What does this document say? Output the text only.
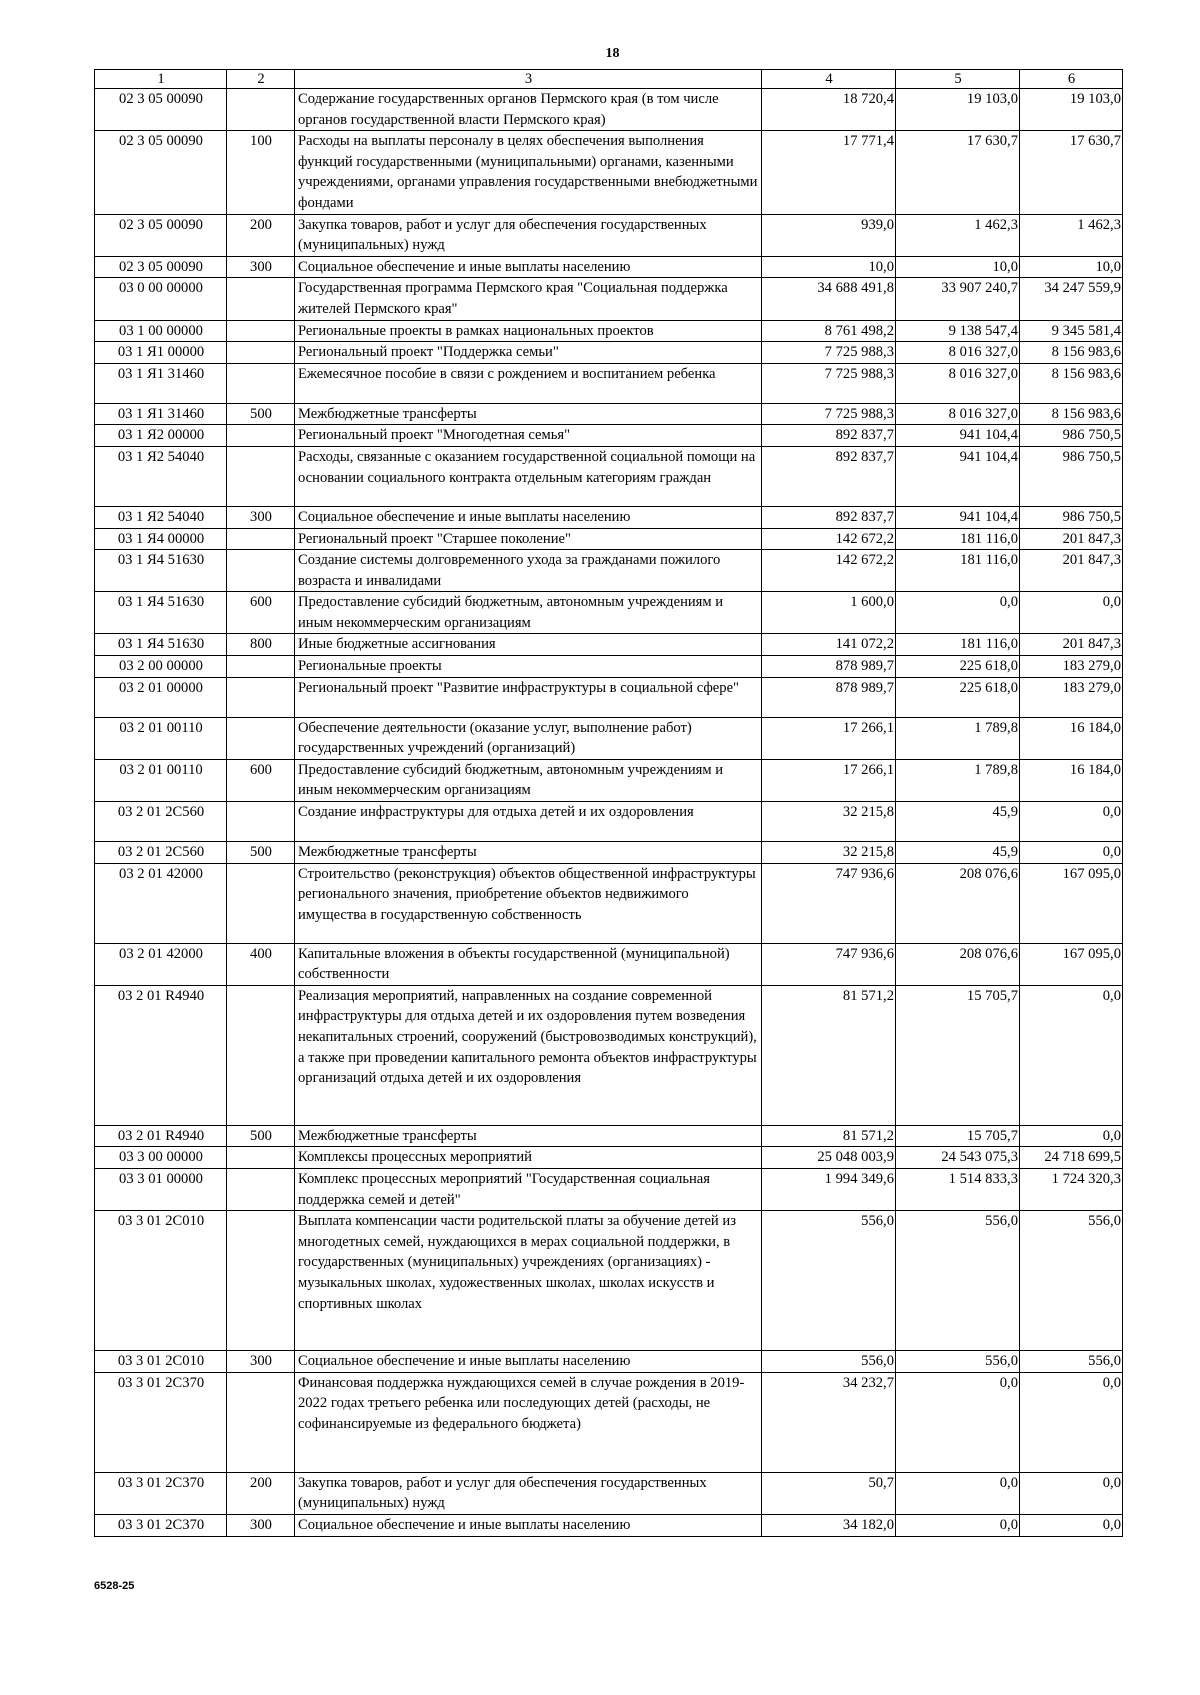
18
1	2	3	4	5	6
02 3 05 00090		Содержание государственных органов Пермского края (в том числе органов государственной власти Пермского края)	18 720,4	19 103,0	19 103,0
02 3 05 00090	100	Расходы на выплаты персоналу в целях обеспечения выполнения функций государственными (муниципальными) органами, казенными учреждениями, органами управления государственными внебюджетными фондами	17 771,4	17 630,7	17 630,7
02 3 05 00090	200	Закупка товаров, работ и услуг для обеспечения государственных (муниципальных) нужд	939,0	1 462,3	1 462,3
02 3 05 00090	300	Социальное обеспечение и иные выплаты населению	10,0	10,0	10,0
03 0 00 00000		Государственная программа Пермского края "Социальная поддержка жителей Пермского края"	34 688 491,8	33 907 240,7	34 247 559,9
03 1 00 00000		Региональные проекты в рамках национальных проектов	8 761 498,2	9 138 547,4	9 345 581,4
03 1 Я1 00000		Региональный проект "Поддержка семьи"	7 725 988,3	8 016 327,0	8 156 983,6
03 1 Я1 31460		Ежемесячное пособие в связи с рождением и воспитанием ребенка	7 725 988,3	8 016 327,0	8 156 983,6
03 1 Я1 31460	500	Межбюджетные трансферты	7 725 988,3	8 016 327,0	8 156 983,6
03 1 Я2 00000		Региональный проект "Многодетная семья"	892 837,7	941 104,4	986 750,5
03 1 Я2 54040		Расходы, связанные с оказанием государственной социальной помощи на основании социального контракта отдельным категориям граждан	892 837,7	941 104,4	986 750,5
03 1 Я2 54040	300	Социальное обеспечение и иные выплаты населению	892 837,7	941 104,4	986 750,5
03 1 Я4 00000		Региональный проект "Старшее поколение"	142 672,2	181 116,0	201 847,3
03 1 Я4 51630		Создание системы долговременного ухода за гражданами пожилого возраста и инвалидами	142 672,2	181 116,0	201 847,3
03 1 Я4 51630	600	Предоставление субсидий бюджетным, автономным учреждениям и иным некоммерческим организациям	1 600,0	0,0	0,0
03 1 Я4 51630	800	Иные бюджетные ассигнования	141 072,2	181 116,0	201 847,3
03 2 00 00000		Региональные проекты	878 989,7	225 618,0	183 279,0
03 2 01 00000		Региональный проект "Развитие инфраструктуры в социальной сфере"	878 989,7	225 618,0	183 279,0
03 2 01 00110		Обеспечение деятельности (оказание услуг, выполнение работ) государственных учреждений (организаций)	17 266,1	1 789,8	16 184,0
03 2 01 00110	600	Предоставление субсидий бюджетным, автономным учреждениям и иным некоммерческим организациям	17 266,1	1 789,8	16 184,0
03 2 01 2С560		Создание инфраструктуры для отдыха детей и их оздоровления	32 215,8	45,9	0,0
03 2 01 2С560	500	Межбюджетные трансферты	32 215,8	45,9	0,0
03 2 01 42000		Строительство (реконструкция) объектов общественной инфраструктуры регионального значения, приобретение объектов недвижимого имущества в государственную собственность	747 936,6	208 076,6	167 095,0
03 2 01 42000	400	Капитальные вложения в объекты государственной (муниципальной) собственности	747 936,6	208 076,6	167 095,0
03 2 01 R4940		Реализация мероприятий, направленных на создание современной инфраструктуры для отдыха детей и их оздоровления путем возведения некапитальных строений, сооружений (быстровозводимых конструкций), а также при проведении капитального ремонта объектов инфраструктуры организаций отдыха детей и их оздоровления	81 571,2	15 705,7	0,0
03 2 01 R4940	500	Межбюджетные трансферты	81 571,2	15 705,7	0,0
03 3 00 00000		Комплексы процессных мероприятий	25 048 003,9	24 543 075,3	24 718 699,5
03 3 01 00000		Комплекс процессных мероприятий "Государственная социальная поддержка семей и детей"	1 994 349,6	1 514 833,3	1 724 320,3
03 3 01 2С010		Выплата компенсации части родительской платы за обучение детей из многодетных семей, нуждающихся в мерах социальной поддержки, в государственных (муниципальных) учреждениях (организациях) - музыкальных школах, художественных школах, школах искусств и спортивных школах	556,0	556,0	556,0
03 3 01 2С010	300	Социальное обеспечение и иные выплаты населению	556,0	556,0	556,0
03 3 01 2С370		Финансовая поддержка нуждающихся семей в случае рождения в 2019-2022 годах третьего ребенка или последующих детей (расходы, не софинансируемые из федерального бюджета)	34 232,7	0,0	0,0
03 3 01 2С370	200	Закупка товаров, работ и услуг для обеспечения государственных (муниципальных) нужд	50,7	0,0	0,0
03 3 01 2С370	300	Социальное обеспечение и иные выплаты населению	34 182,0	0,0	0,0
6528-25
